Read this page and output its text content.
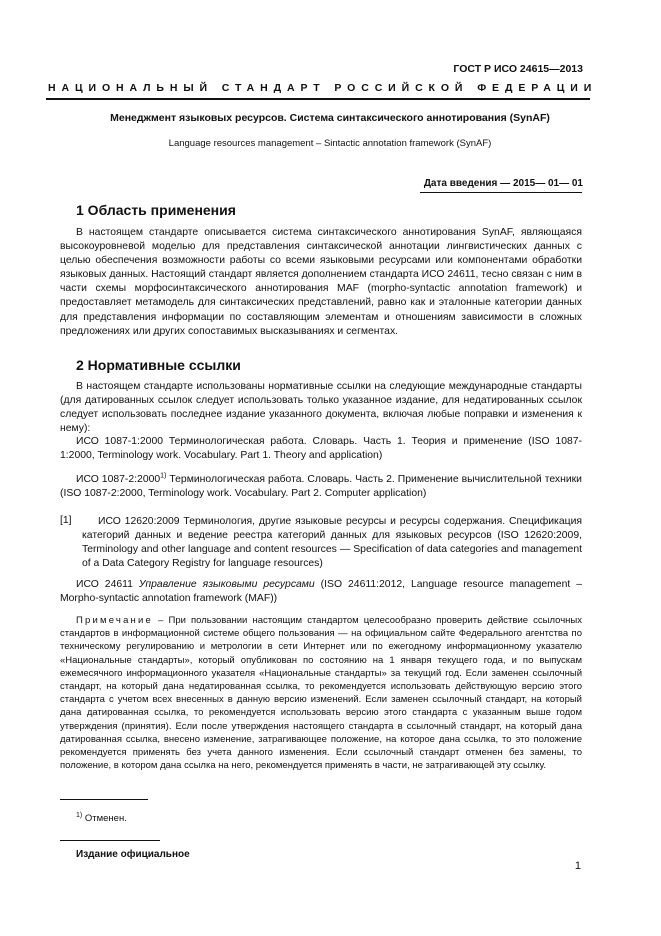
ГОСТ Р ИСО 24615—2013
НАЦИОНАЛЬНЫЙ СТАНДАРТ РОССИЙСКОЙ ФЕДЕРАЦИИ
Менеджмент языковых ресурсов. Система синтаксического аннотирования (SynAF)
Language resources management – Sintactic annotation framework (SynAF)
Дата введения — 2015— 01— 01
1 Область применения

В настоящем стандарте описывается система синтаксического аннотирования SynAF, являющаяся высокоуровневой моделью для представления синтаксической аннотации лингвистических данных с целью обеспечения возможности работы со всеми языковыми ресурсами или компонентами обработки языковых данных. Настоящий стандарт является дополнением стандарта ИСО 24611, тесно связан с ним в части схемы морфосинтаксического аннотирования MAF (morpho-syntactic annotation framework) и предоставляет метамодель для синтаксических представлений, равно как и эталонные категории данных для представления информации по составляющим элементам и отношениям зависимости в сложных предложениях или других сопоставимых высказываниях и сегментах.

2 Нормативные ссылки

В настоящем стандарте использованы нормативные ссылки на следующие международные стандарты (для датированных ссылок следует использовать только указанное издание, для недатированных ссылок следует использовать последнее издание указанного документа, включая любые поправки и изменения к нему):

ИСО 1087-1:2000 Терминологическая работа. Словарь. Часть 1. Теория и применение (ISO 1087-1:2000, Terminology work. Vocabulary. Part 1. Theory and application)

ИСО 1087-2:2000$^{1)}$ Терминологическая работа. Словарь. Часть 2. Применение вычислительной техники (ISO 1087-2:2000, Terminology work. Vocabulary. Part 2. Computer application)

[1]	ИСО 12620:2009 Терминология, другие языковые ресурсы и ресурсы содержания. Спецификация категорий данных и ведение реестра категорий данных для языковых ресурсов (ISO 12620:2009, Terminology and other language and content resources — Specification of data categories and management of a Data Category Registry for language resources)

ИСО 24611 Управление языковыми ресурсами (ISO 24611:2012, Language resource management – Morpho-syntactic annotation framework (MAF))

Примечание – При пользовании настоящим стандартом целесообразно проверить действие ссылочных стандартов в информационной системе общего пользования — на официальном сайте Федерального агентства по техническому регулированию и метрологии в сети Интернет или по ежегодному информационному указателю «Национальные стандарты», который опубликован по состоянию на 1 января текущего года, и по выпускам ежемесячного информационного указателя «Национальные стандарты» за текущий год. Если заменен ссылочный стандарт, на который дана недатированная ссылка, то рекомендуется использовать действующую версию этого стандарта с учетом всех внесенных в данную версию изменений. Если заменен ссылочный стандарт, на который дана датированная ссылка, то рекомендуется использовать версию этого стандарта с указанным выше годом утверждения (принятия). Если после утверждения настоящего стандарта в ссылочный стандарт, на который дана датированная ссылка, внесено изменение, затрагивающее положение, на которое дана ссылка, то это положение рекомендуется применять без учета данного изменения. Если ссылочный стандарт отменен без замены, то положение, в котором дана ссылка на него, рекомендуется применять в части, не затрагивающей эту ссылку.

$^{1)}$ Отменен.
Издание официальное
1
